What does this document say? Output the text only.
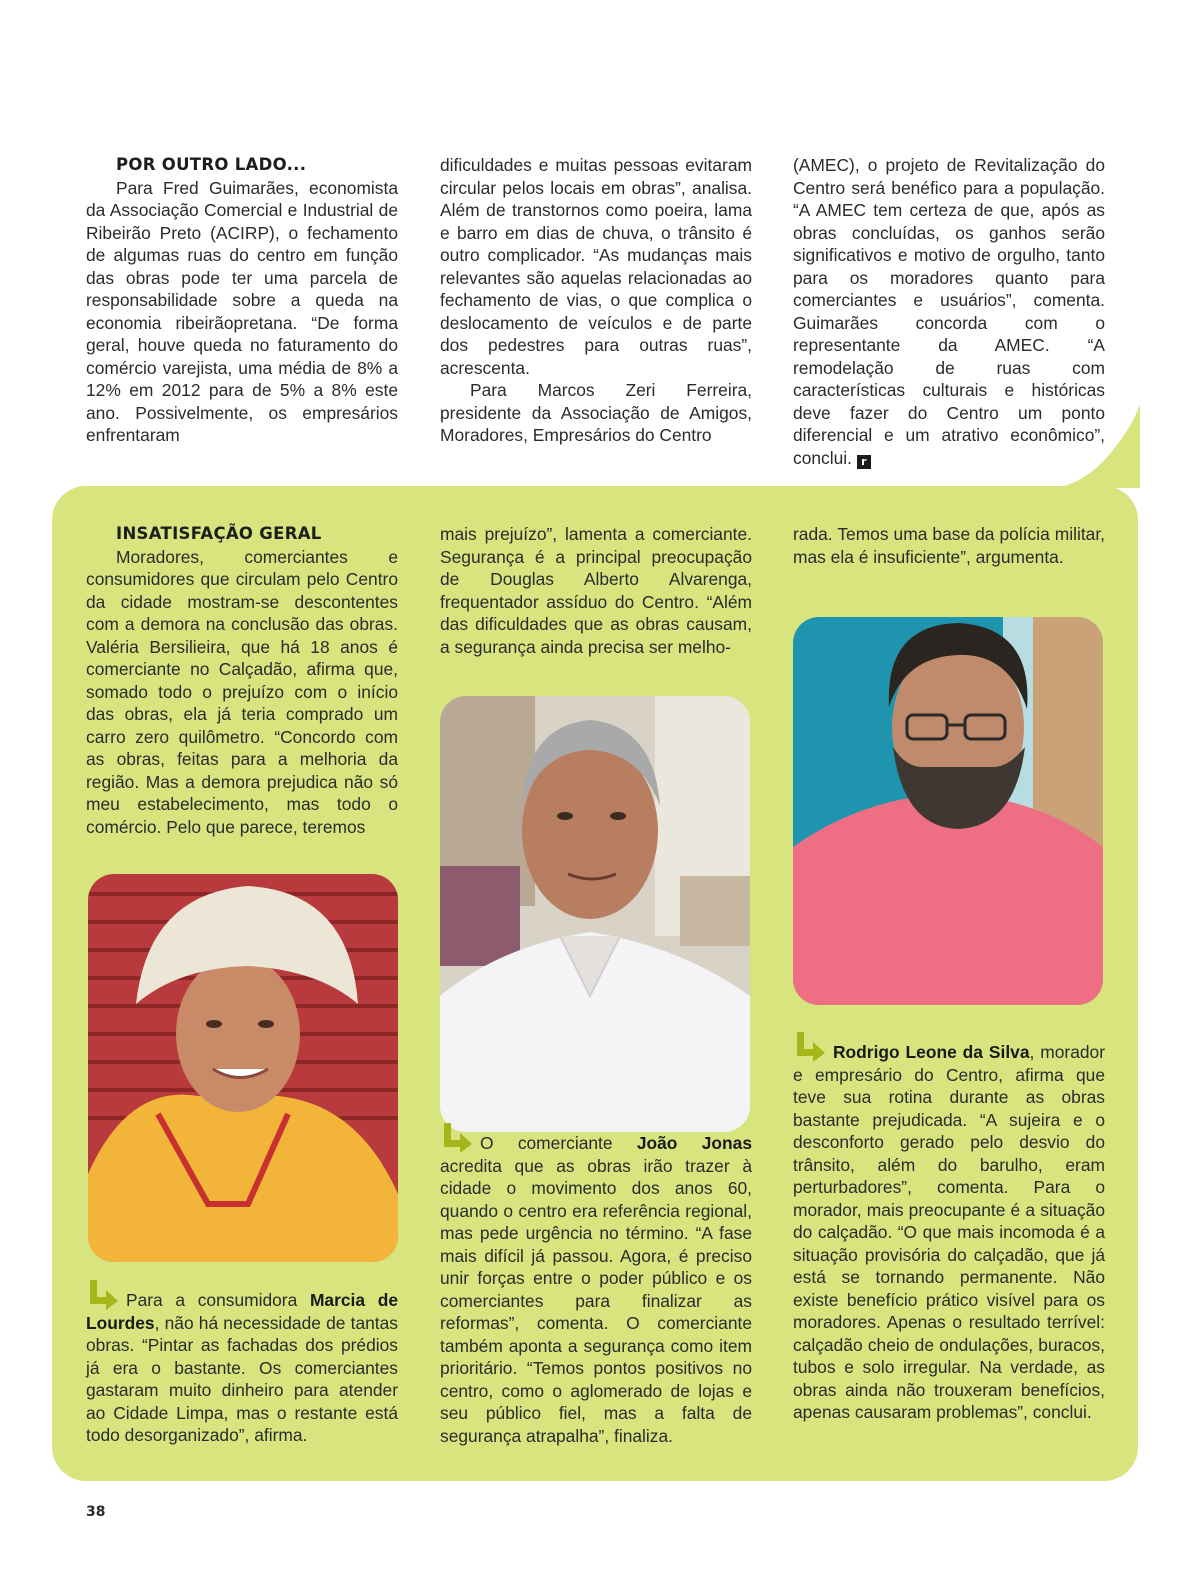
POR OUTRO LADO...

Para Fred Guimarães, economista da Associação Comercial e Industrial de Ribeirão Preto (ACIRP), o fechamento de algumas ruas do centro em função das obras pode ter uma parcela de responsabilidade sobre a queda na economia ribeirãopretana. “De forma geral, houve queda no faturamento do comércio varejista, uma média de 8% a 12% em 2012 para de 5% a 8% este ano. Possivelmente, os empresários enfrentaram

dificuldades e muitas pessoas evitaram circular pelos locais em obras”, analisa. Além de transtornos como poeira, lama e barro em dias de chuva, o trânsito é outro complicador. “As mudanças mais relevantes são aquelas relacionadas ao fechamento de vias, o que complica o deslocamento de veículos e de parte dos pedestres para outras ruas”, acrescenta.

Para Marcos Zeri Ferreira, presidente da Associação de Amigos, Moradores, Empresários do Centro

(AMEC), o projeto de Revitalização do Centro será benéfico para a população. “A AMEC tem certeza de que, após as obras concluídas, os ganhos serão significativos e motivo de orgulho, tanto para os moradores quanto para comerciantes e usuários”, comenta. Guimarães concorda com o representante da AMEC. “A remodelação de ruas com características culturais e históricas deve fazer do Centro um ponto diferencial e um atrativo econômico”, conclui. r

INSATISFAÇÃO GERAL

Moradores, comerciantes e consumidores que circulam pelo Centro da cidade mostram-se descontentes com a demora na conclusão das obras. Valéria Bersilieira, que há 18 anos é comerciante no Calçadão, afirma que, somado todo o prejuízo com o início das obras, ela já teria comprado um carro zero quilômetro. “Concordo com as obras, feitas para a melhoria da região. Mas a demora prejudica não só meu estabelecimento, mas todo o comércio. Pelo que parece, teremos

mais prejuízo”, lamenta a comerciante. Segurança é a principal preocupação de Douglas Alberto Alvarenga, frequentador assíduo do Centro. “Além das dificuldades que as obras causam, a segurança ainda precisa ser melho-

rada. Temos uma base da polícia militar, mas ela é insuficiente”, argumenta.

Para a consumidora Marcia de Lourdes, não há necessidade de tantas obras. “Pintar as fachadas dos prédios já era o bastante. Os comerciantes gastaram muito dinheiro para atender ao Cidade Limpa, mas o restante está todo desorganizado”, afirma.

O comerciante João Jonas acredita que as obras irão trazer à cidade o movimento dos anos 60, quando o centro era referência regional, mas pede urgência no término. “A fase mais difícil já passou. Agora, é preciso unir forças entre o poder público e os comerciantes para finalizar as reformas”, comenta. O comerciante também aponta a segurança como item prioritário. “Temos pontos positivos no centro, como o aglomerado de lojas e seu público fiel, mas a falta de segurança atrapalha”, finaliza.

Rodrigo Leone da Silva, morador e empresário do Centro, afirma que teve sua rotina durante as obras bastante prejudicada. “A sujeira e o desconforto gerado pelo desvio do trânsito, além do barulho, eram perturbadores”, comenta. Para o morador, mais preocupante é a situação do calçadão. “O que mais incomoda é a situação provisória do calçadão, que já está se tornando permanente. Não existe benefício prático visível para os moradores. Apenas o resultado terrível: calçadão cheio de ondulações, buracos, tubos e solo irregular. Na verdade, as obras ainda não trouxeram benefícios, apenas causaram problemas”, conclui.

38
